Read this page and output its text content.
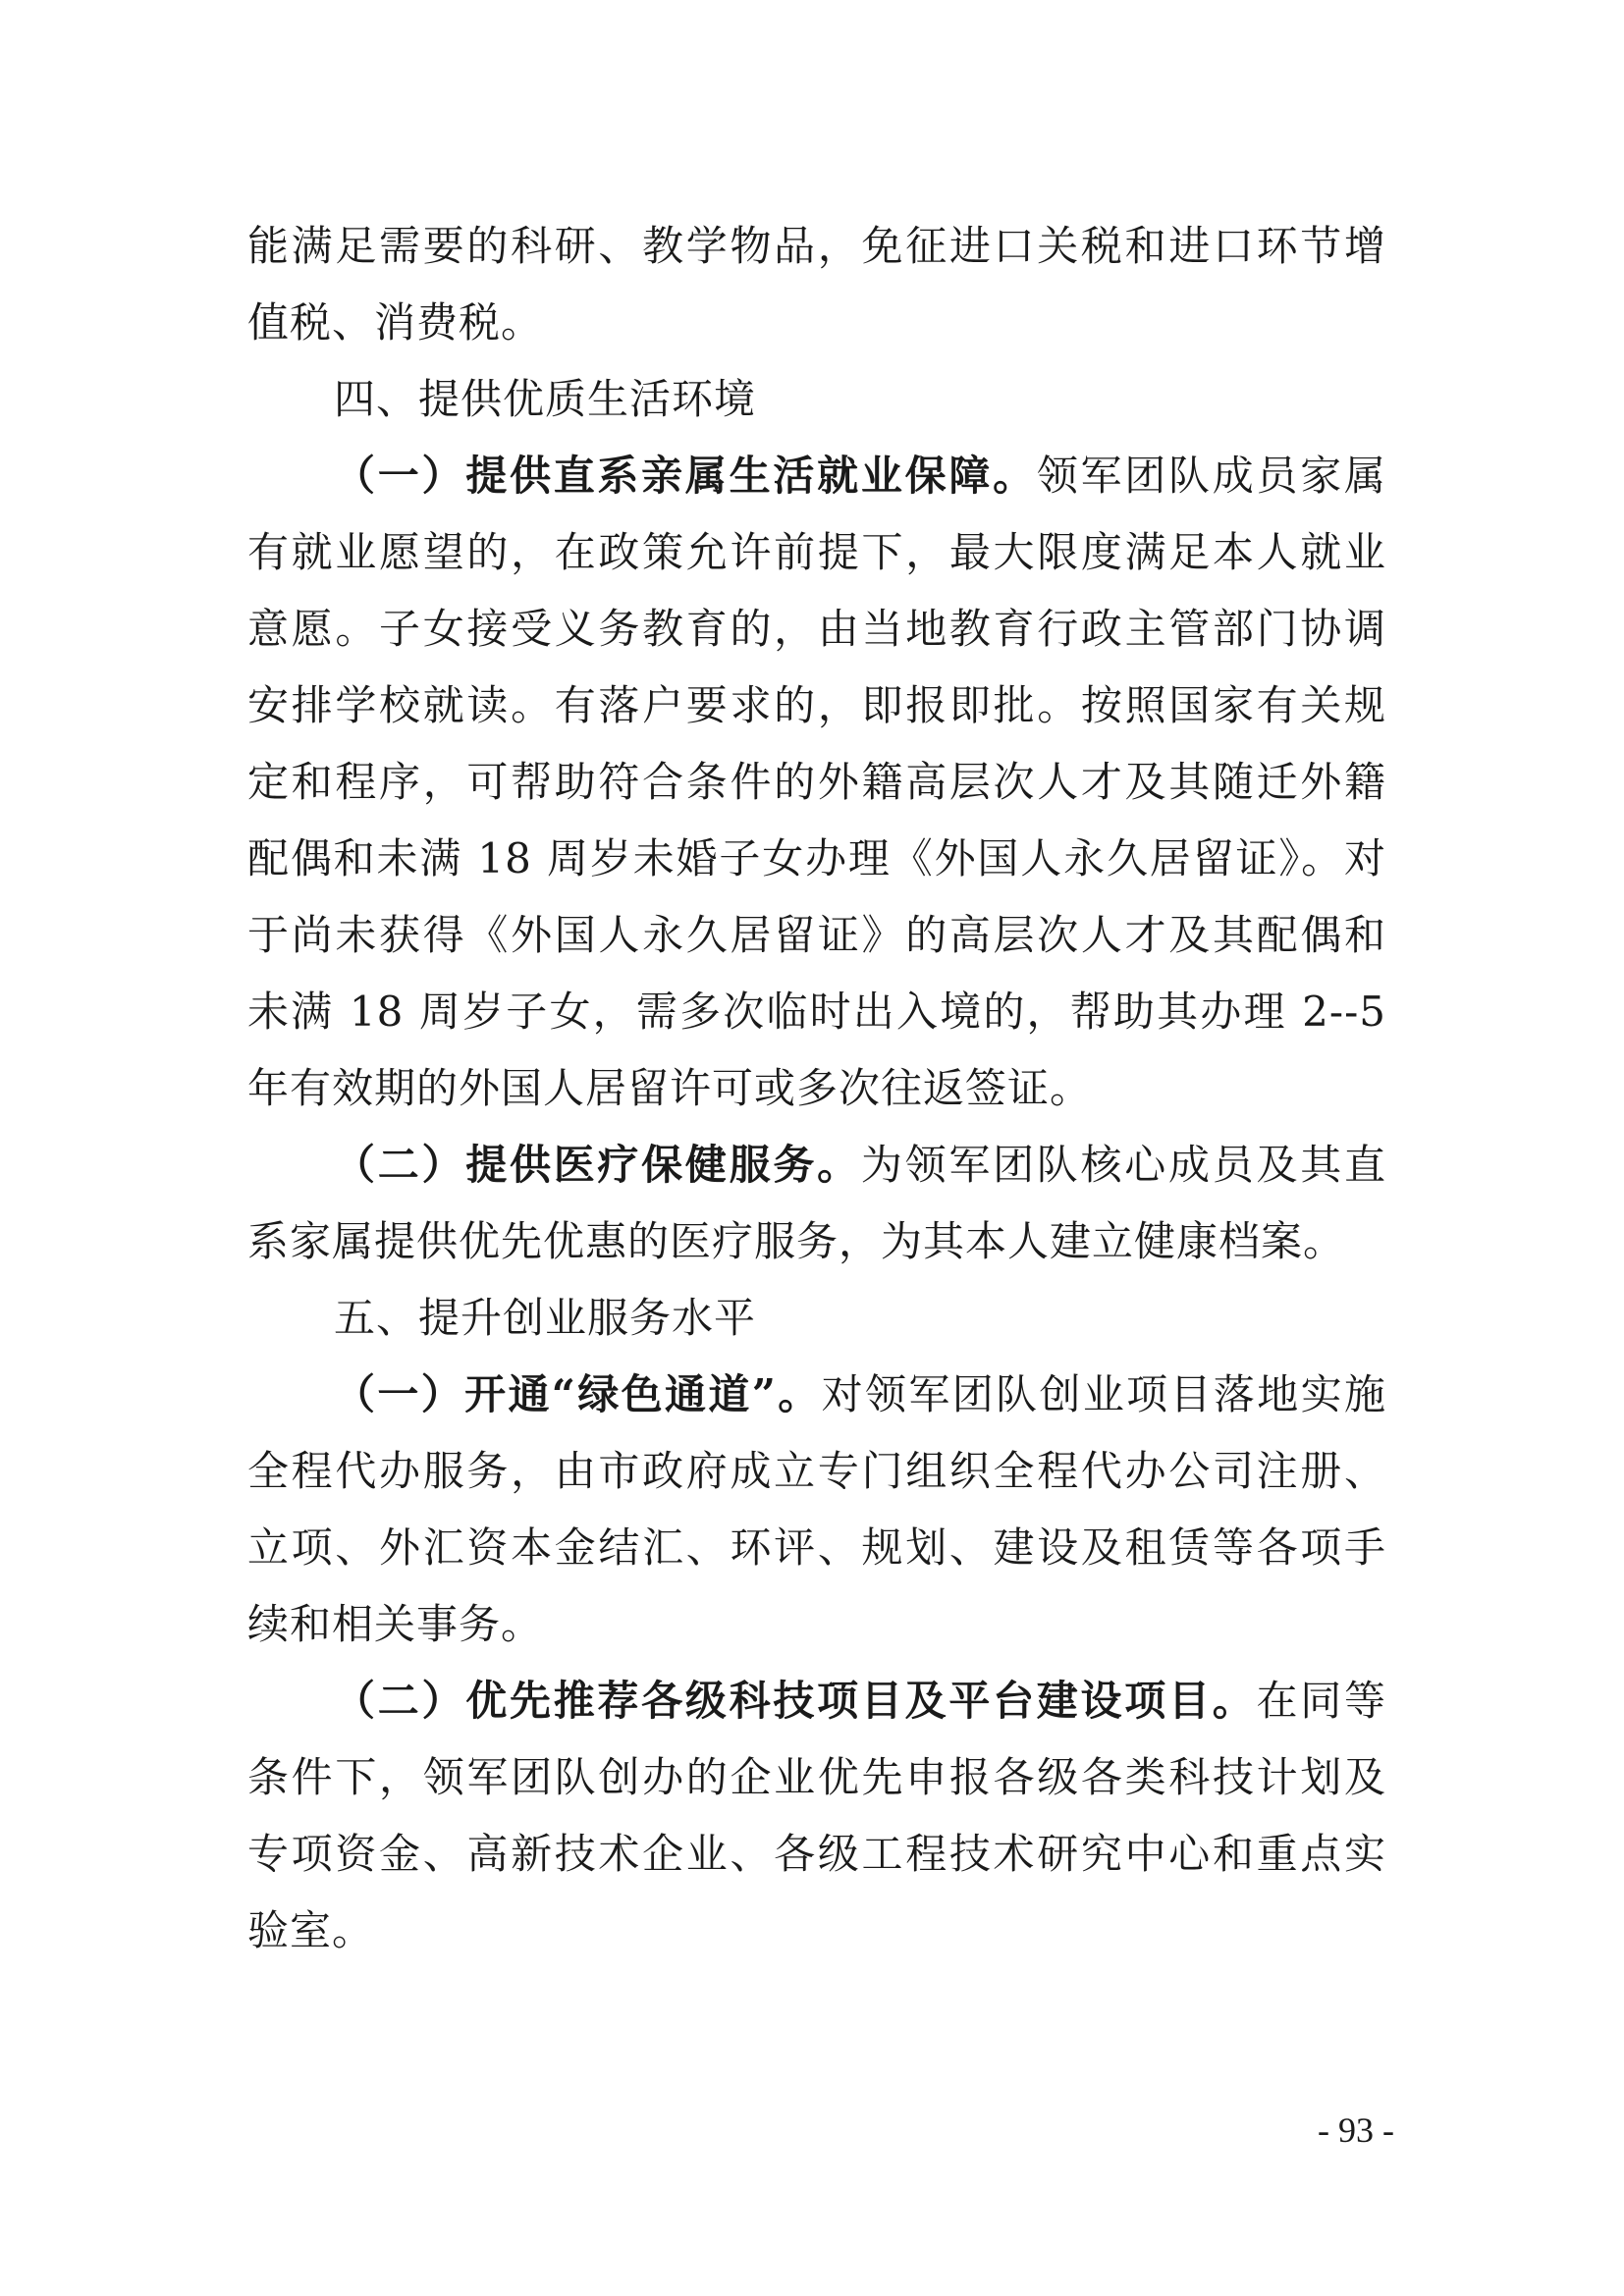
能满足需要的科研、教学物品，免征进口关税和进口环节增值税、消费税。

四、提供优质生活环境

（一）提供直系亲属生活就业保障。领军团队成员家属有就业愿望的，在政策允许前提下，最大限度满足本人就业意愿。子女接受义务教育的，由当地教育行政主管部门协调安排学校就读。有落户要求的，即报即批。按照国家有关规定和程序，可帮助符合条件的外籍高层次人才及其随迁外籍配偶和未满 18 周岁未婚子女办理《外国人永久居留证》。对于尚未获得《外国人永久居留证》的高层次人才及其配偶和未满 18 周岁子女，需多次临时出入境的，帮助其办理 2--5 年有效期的外国人居留许可或多次往返签证。

（二）提供医疗保健服务。为领军团队核心成员及其直系家属提供优先优惠的医疗服务，为其本人建立健康档案。

五、提升创业服务水平

（一）开通“绿色通道”。对领军团队创业项目落地实施全程代办服务，由市政府成立专门组织全程代办公司注册、立项、外汇资本金结汇、环评、规划、建设及租赁等各项手续和相关事务。

（二）优先推荐各级科技项目及平台建设项目。在同等条件下，领军团队创办的企业优先申报各级各类科技计划及专项资金、高新技术企业、各级工程技术研究中心和重点实验室。

- 93 -
